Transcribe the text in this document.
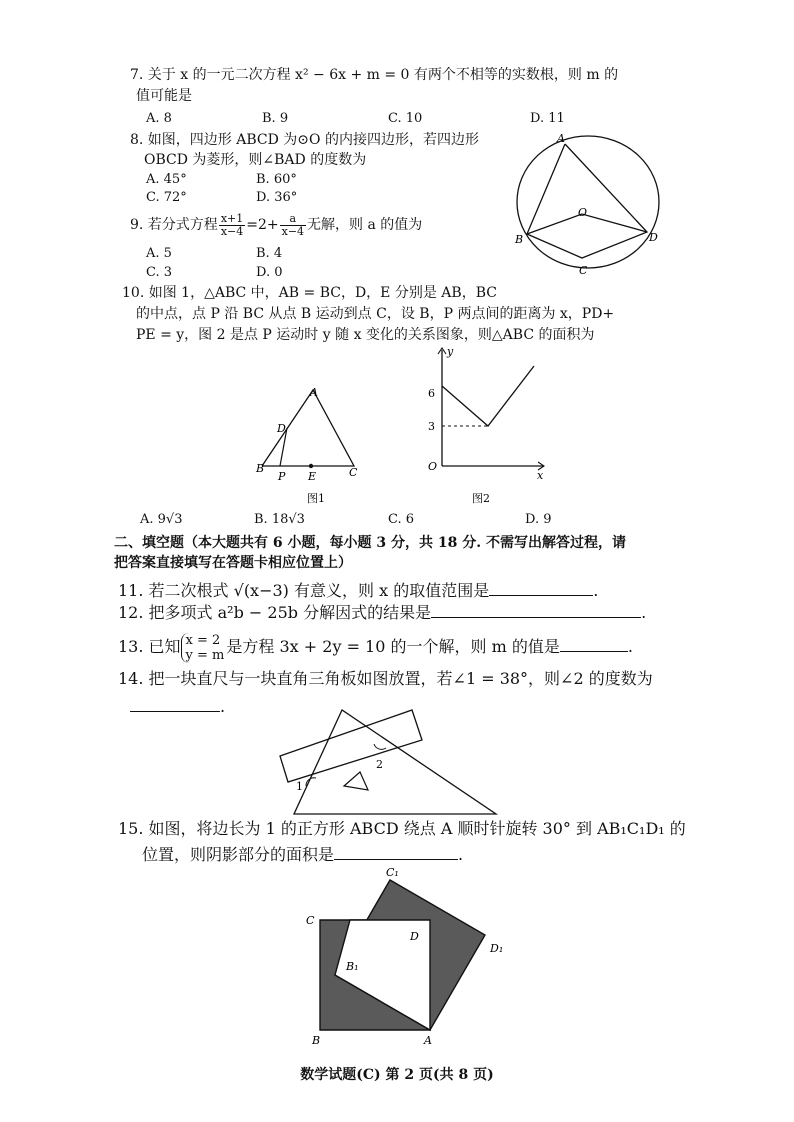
7. 关于 x 的一元二次方程 x² − 6x + m = 0 有两个不相等的实数根，则 m 的
值可能是
A. 8	B. 9	C. 10	D. 11
8. 如图，四边形 ABCD 为⊙O 的内接四边形，若四边形
OBCD 为菱形，则∠BAD 的度数为
A. 45°	B. 60°
C. 72°	D. 36°
A
B
C
D
O
9. 若分式方程 $\frac{x+1}{x-4} =2+ \frac{a}{x-4}$ 无解，则 a 的值为
A. 5	B. 4
C. 3	D. 0
10. 如图 1，△ABC 中，AB = BC，D，E 分别是 AB，BC
的中点，点 P 沿 BC 从点 B 运动到点 C，设 B，P 两点间的距离为 x，PD+
PE = y，图 2 是点 P 运动时 y 随 x 变化的关系图象，则△ABC 的面积为
A
D
B
P E	C
图1
y
x
O
6
3
图2
A. 9√3	B. 18√3	C. 6	D. 9
二、填空题（本大题共有 6 小题，每小题 3 分，共 18 分. 不需写出解答过程，请
把答案直接填写在答题卡相应位置上）
11. 若二次根式 √(x−3) 有意义，则 x 的取值范围是	.
12. 把多项式 a²b − 25b 分解因式的结果是	.
13. 已知 x = 2
y = m 是方程 3x + 2y = 10 的一个解，则 m 的值是	.
14. 把一块直尺与一块直角三角板如图放置，若∠1 = 38°，则∠2 的度数为
.
1
2
15. 如图，将边长为 1 的正方形 ABCD 绕点 A 顺时针旋转 30° 到 AB₁C₁D₁ 的
位置，则阴影部分的面积是	.
C₁
C
D
D₁
B₁
B	A
数学试题(C) 第 2 页(共 8 页)
